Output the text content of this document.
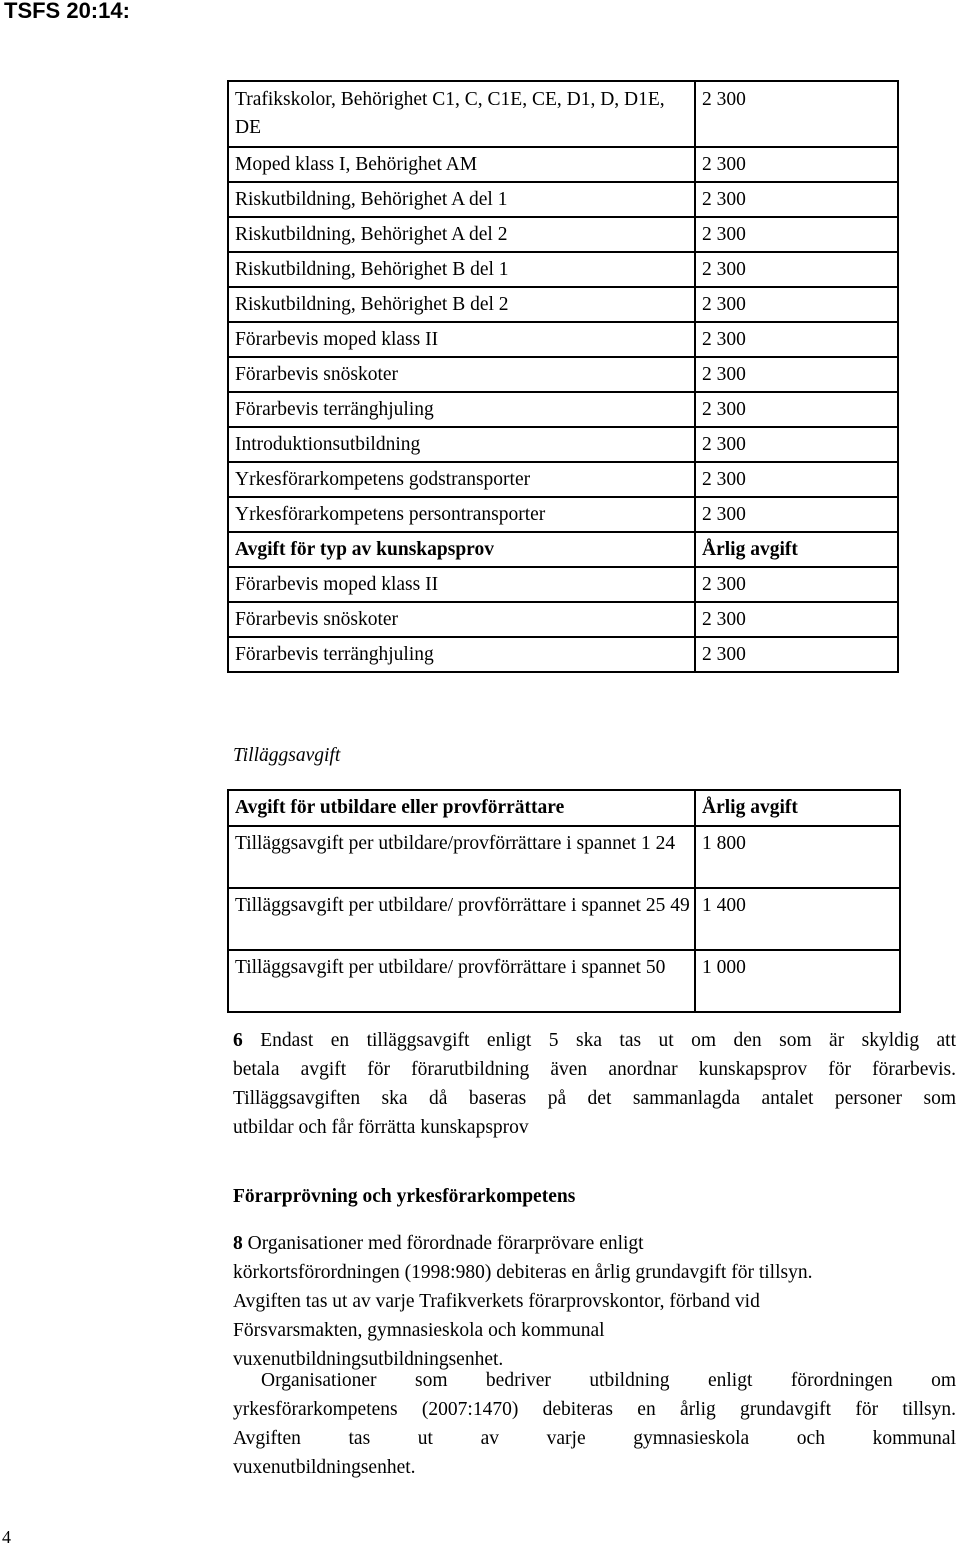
TSFS 20:14:
Trafikskolor, Behörighet C1, C, C1E, CE, D1, D, D1E, DE	2 300
Moped klass I, Behörighet AM	2 300
Riskutbildning, Behörighet A del 1	2 300
Riskutbildning, Behörighet A del 2	2 300
Riskutbildning, Behörighet B del 1	2 300
Riskutbildning, Behörighet B del 2	2 300
Förarbevis moped klass II	2 300
Förarbevis snöskoter	2 300
Förarbevis terränghjuling	2 300
Introduktionsutbildning	2 300
Yrkesförarkompetens godstransporter	2 300
Yrkesförarkompetens persontransporter	2 300
Avgift för typ av kunskapsprov	Årlig avgift
Förarbevis moped klass II	2 300
Förarbevis snöskoter	2 300
Förarbevis terränghjuling	2 300
Tilläggsavgift
Avgift för utbildare eller provförrättare	Årlig avgift
Tilläggsavgift per utbildare/provförrättare i spannet 1 24	1 800
Tilläggsavgift per utbildare/ provförrättare i spannet 25 49	1 400
Tilläggsavgift per utbildare/ provförrättare i spannet 50	1 000
6 Endast en tilläggsavgift enligt 5 ska tas ut om den som är skyldig att
betala avgift för förarutbildning även anordnar kunskapsprov för förarbevis.
Tilläggsavgiften ska då baseras på det sammanlagda antalet personer som
utbildar och får förrätta kunskapsprov
Förarprövning och yrkesförarkompetens
8 Organisationer med förordnade förarprövare enligt
körkortsförordningen (1998:980) debiteras en årlig grundavgift för tillsyn.
Avgiften tas ut av varje Trafikverkets förarprovskontor, förband vid
Försvarsmakten, gymnasieskola och kommunal
vuxenutbildningsutbildningsenhet.
Organisationer som bedriver utbildning enligt förordningen om
yrkesförarkompetens (2007:1470) debiteras en årlig grundavgift för tillsyn.
Avgiften tas ut av varje gymnasieskola och kommunal
vuxenutbildningsenhet.
4
